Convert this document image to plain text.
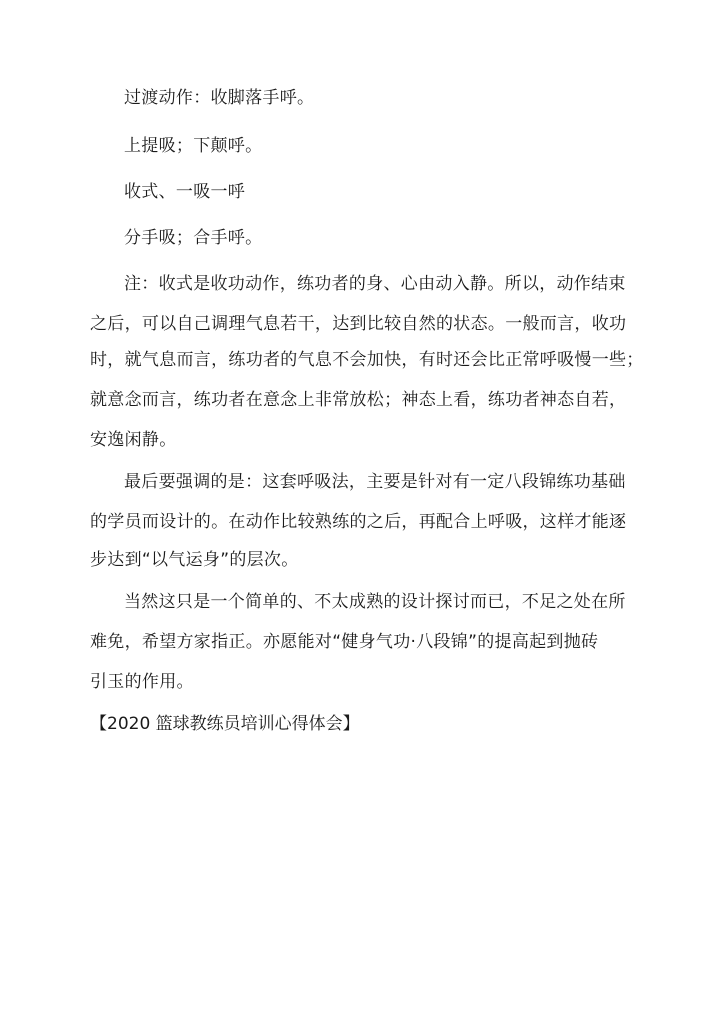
过渡动作：收脚落手呼。
上提吸；下颠呼。
收式、一吸一呼
分手吸；合手呼。
注：收式是收功动作，练功者的身、心由动入静。所以，动作结束
之后，可以自己调理气息若干，达到比较自然的状态。一般而言，收功
时，就气息而言，练功者的气息不会加快，有时还会比正常呼吸慢一些；
就意念而言，练功者在意念上非常放松；神态上看，练功者神态自若，
安逸闲静。
最后要强调的是：这套呼吸法，主要是针对有一定八段锦练功基础
的学员而设计的。在动作比较熟练的之后，再配合上呼吸，这样才能逐
步达到“以气运身”的层次。
当然这只是一个简单的、不太成熟的设计探讨而已，不足之处在所
难免，希望方家指正。亦愿能对“健身气功·八段锦”的提高起到抛砖
引玉的作用。
【2020 篮球教练员培训心得体会】
